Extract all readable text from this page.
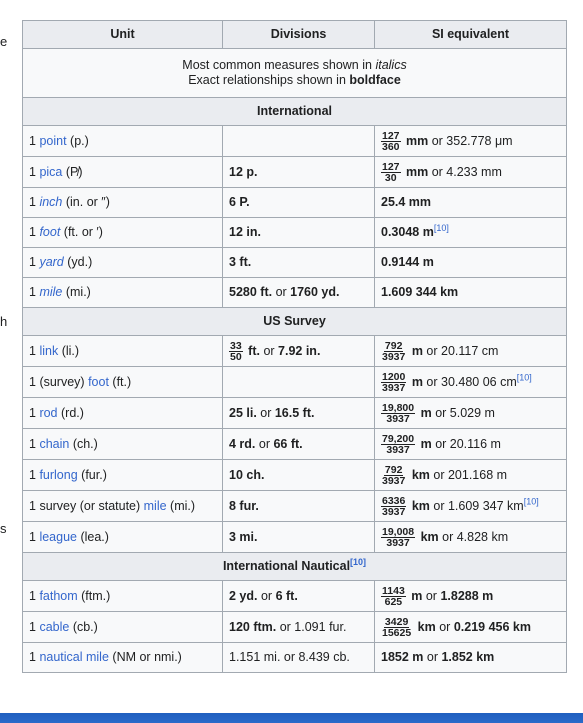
e
h
s
Unit	Divisions	SI equivalent
Most common measures shown in italics
Exact relationships shown in boldface		
International		
1 point (p.)		$\frac{127}{360}$ mm or 352.778 μm
1 pica (P̸)	12 p.	$\frac{127}{30}$ mm or 4.233 mm
1 inch (in. or ″)	6 P.	25.4 mm
1 foot (ft. or ′)	12 in.	0.3048 m[10]
1 yard (yd.)	3 ft.	0.9144 m
1 mile (mi.)	5280 ft. or 1760 yd.	1.609 344 km
US Survey		
1 link (li.)	$\frac{33}{50}$ ft. or 7.92 in.	$\frac{792}{3937}$ m or 20.117 cm
1 (survey) foot (ft.)		$\frac{1200}{3937}$ m or 30.480 06 cm[10]
1 rod (rd.)	25 li. or 16.5 ft.	$\frac{19,800}{3937}$ m or 5.029 m
1 chain (ch.)	4 rd. or 66 ft.	$\frac{79,200}{3937}$ m or 20.116 m
1 furlong (fur.)	10 ch.	$\frac{792}{3937}$ km or 201.168 m
1 survey (or statute) mile (mi.)	8 fur.	$\frac{6336}{3937}$ km or 1.609 347 km[10]
1 league (lea.)	3 mi.	$\frac{19,008}{3937}$ km or 4.828 km
International Nautical[10]
1 fathom (ftm.)	2 yd. or 6 ft.	$\frac{1143}{625}$ m or 1.8288 m
1 cable (cb.)	120 ftm. or 1.091 fur.	$\frac{3429}{15625}$ km or 0.219 456 km
1 nautical mile (NM or nmi.)	1.151 mi. or 8.439 cb.	1852 m or 1.852 km
